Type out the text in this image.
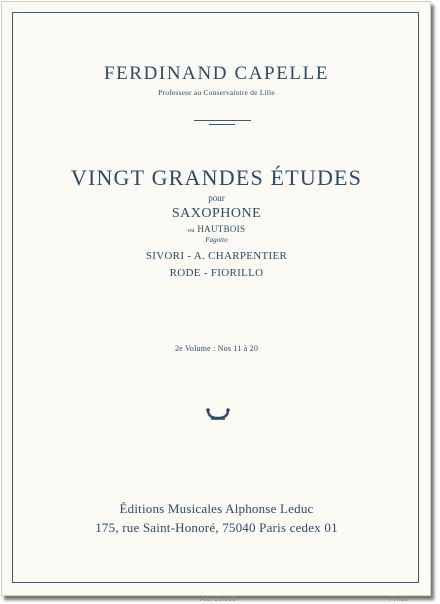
FERDINAND CAPELLE

Professeur au Conservatoire de Lille

VINGT GRANDES ÉTUDES

pour

SAXOPHONE

ou HAUTBOIS

Fagotto

SIVORI - A. CHARPENTIER

RODE - FIORILLO

2e Volume : Nos 11 à 20

Éditions Musicales Alphonse Leduc

175, rue Saint-Honoré, 75040 Paris cedex 01

A.L. 20.806	PX.13
